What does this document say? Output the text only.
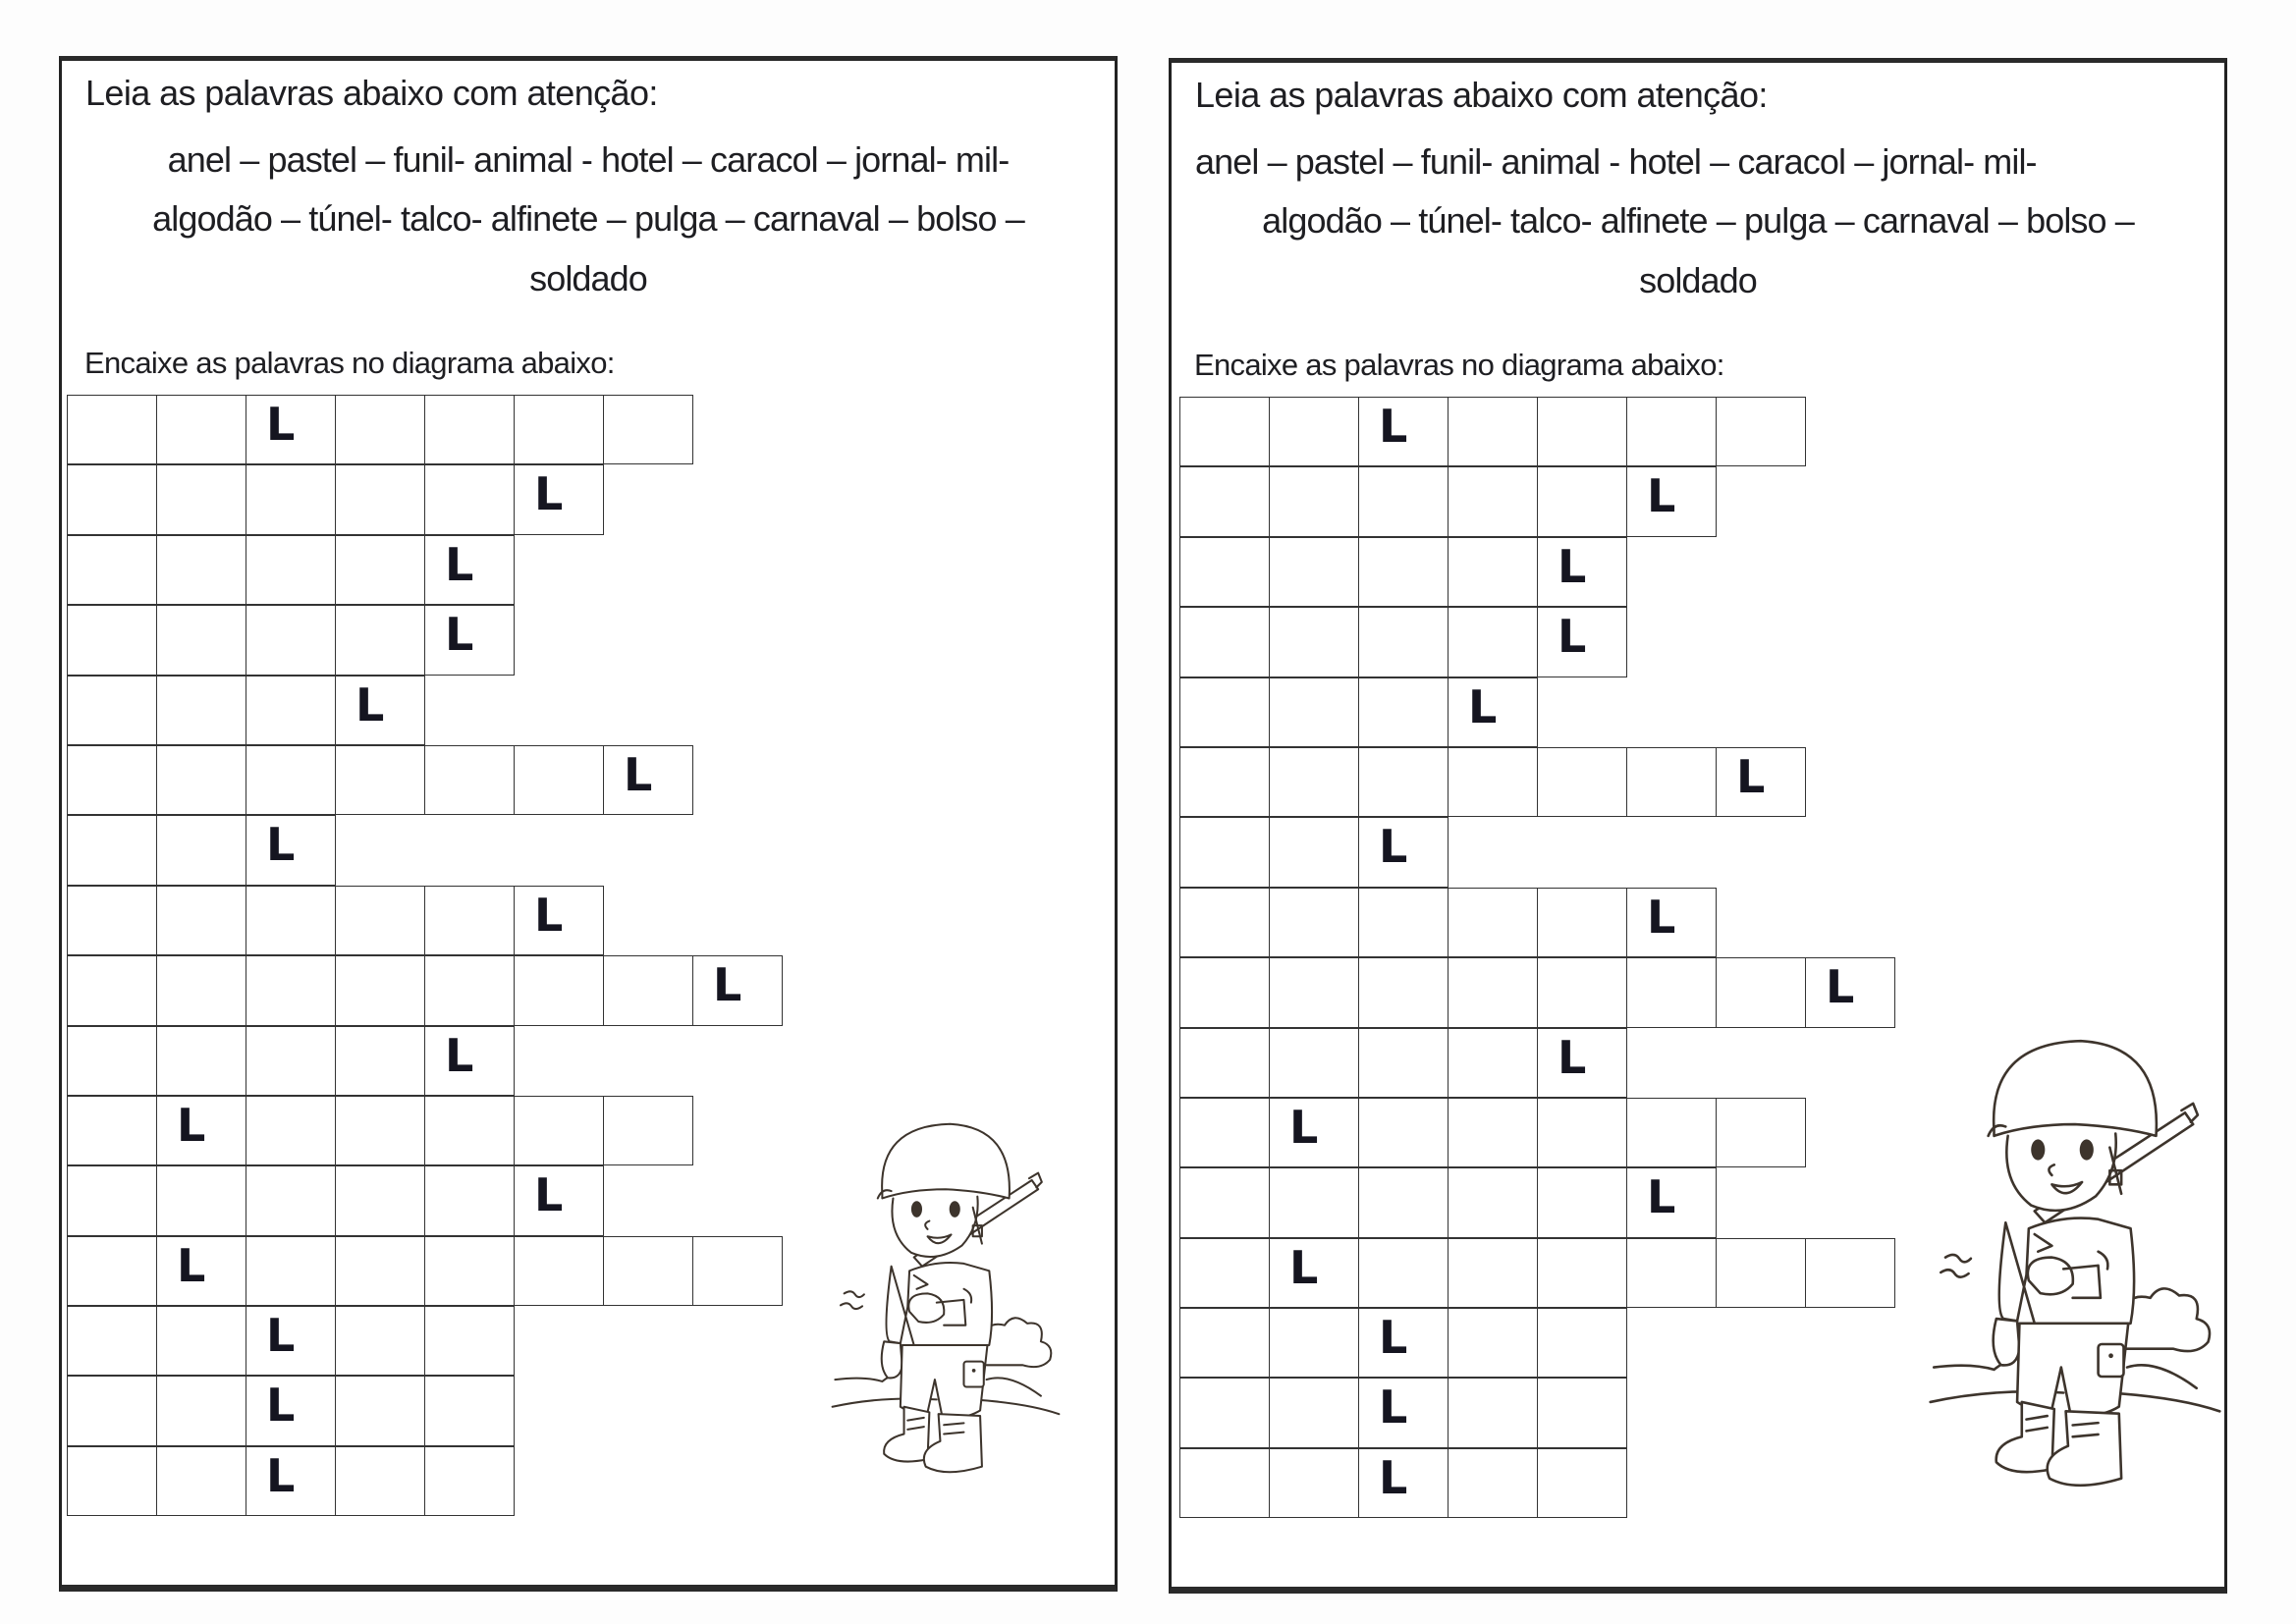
Leia as palavras abaixo com atenção:
anel – pastel – funil- animal - hotel – caracol – jornal- mil-
algodão – túnel- talco- alfinete – pulga – carnaval – bolso –
soldado
Encaixe as palavras no diagrama abaixo:
L
L
L
L
L
L
L
L
L
L
L
L
L
L
L
L
Leia as palavras abaixo com atenção:
anel – pastel – funil- animal - hotel – caracol – jornal- mil-
algodão – túnel- talco- alfinete – pulga – carnaval – bolso –
soldado
Encaixe as palavras no diagrama abaixo:
L
L
L
L
L
L
L
L
L
L
L
L
L
L
L
L
